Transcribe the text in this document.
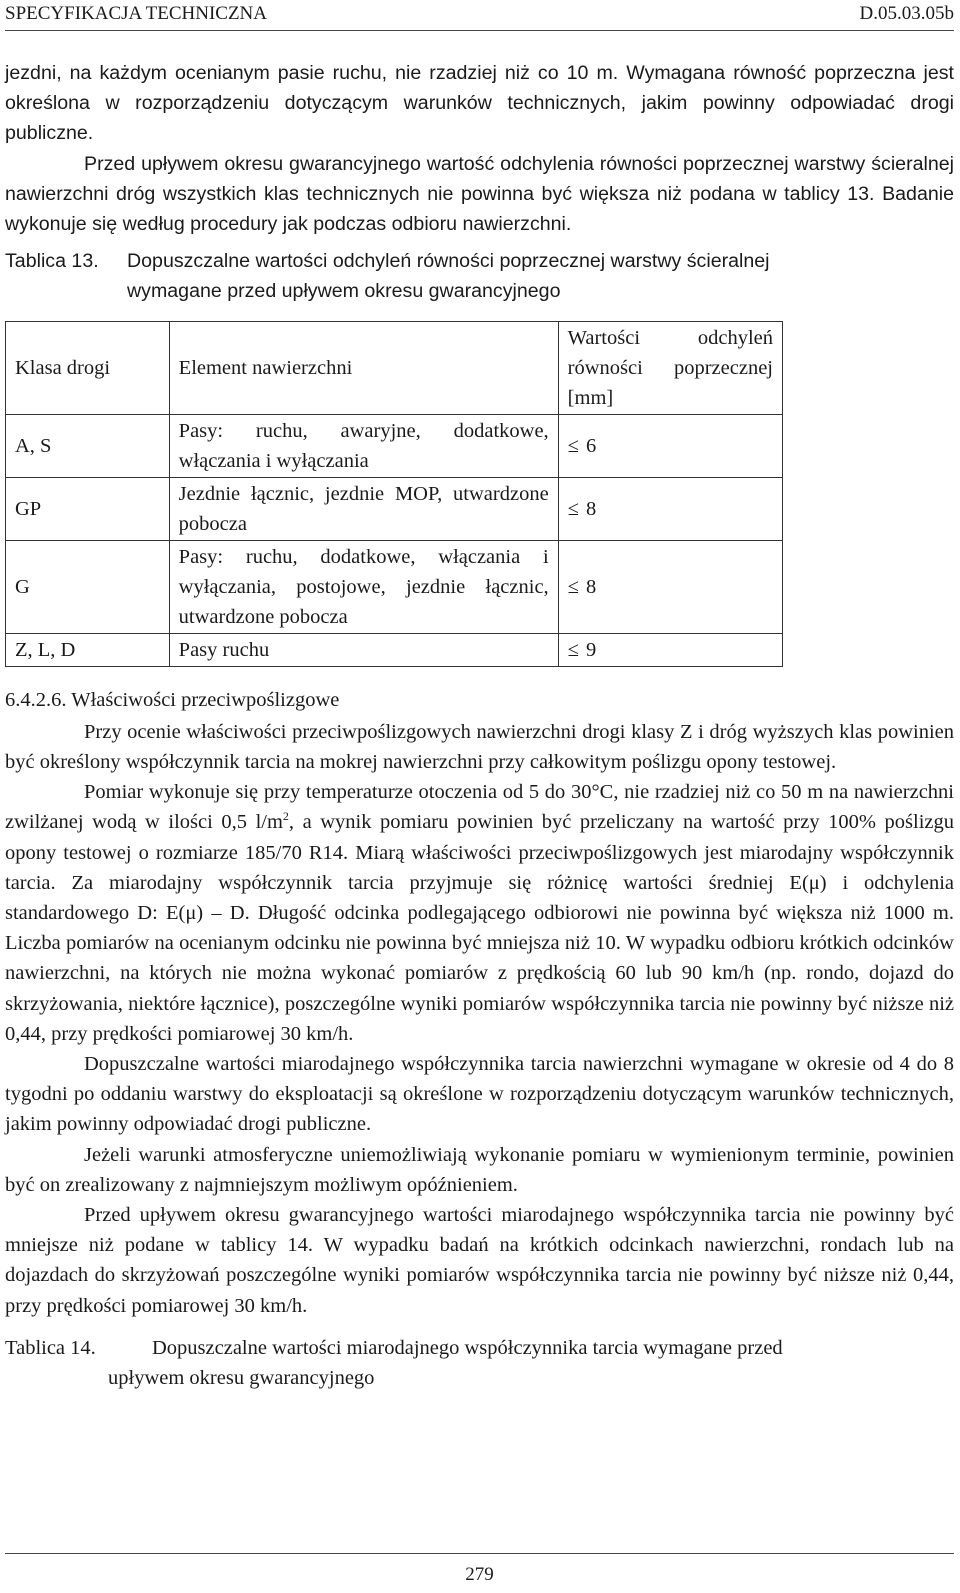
SPECYFIKACJA TECHNICZNA	D.05.03.05b

jezdni, na każdym ocenianym pasie ruchu, nie rzadziej niż co 10 m. Wymagana równość poprzeczna jest określona w rozporządzeniu dotyczącym warunków technicznych, jakim powinny odpowiadać drogi publiczne.

Przed upływem okresu gwarancyjnego wartość odchylenia równości poprzecznej warstwy ścieralnej nawierzchni dróg wszystkich klas technicznych nie powinna być większa niż podana w tablicy 13. Badanie wykonuje się według procedury jak podczas odbioru nawierzchni.

Tablica 13. Dopuszczalne wartości odchyleń równości poprzecznej warstwy ścieralnej
wymagane przed upływem okresu gwarancyjnego
Klasa drogi	Element nawierzchni	Wartości odchyleń równości poprzecznej [mm]
A, S	Pasy: ruchu, awaryjne, dodatkowe, włączania i wyłączania	≤ 6
GP	Jezdnie łącznic, jezdnie MOP, utwardzone pobocza	≤ 8
G	Pasy: ruchu, dodatkowe, włączania i wyłączania, postojowe, jezdnie łącznic, utwardzone pobocza	≤ 8
Z, L, D	Pasy ruchu	≤ 9
6.4.2.6. Właściwości przeciwpoślizgowe

Przy ocenie właściwości przeciwpoślizgowych nawierzchni drogi klasy Z i dróg wyższych klas powinien być określony współczynnik tarcia na mokrej nawierzchni przy całkowitym poślizgu opony testowej.

Pomiar wykonuje się przy temperaturze otoczenia od 5 do 30°C, nie rzadziej niż co 50 m na nawierzchni zwilżanej wodą w ilości 0,5 $l/m^2$, a wynik pomiaru powinien być przeliczany na wartość przy 100% poślizgu opony testowej o rozmiarze 185/70 R14. Miarą właściwości przeciwpoślizgowych jest miarodajny współczynnik tarcia. Za miarodajny współczynnik tarcia przyjmuje się różnicę wartości średniej E(μ) i odchylenia standardowego D: E(μ) – D. Długość odcinka podlegającego odbiorowi nie powinna być większa niż 1000 m. Liczba pomiarów na ocenianym odcinku nie powinna być mniejsza niż 10. W wypadku odbioru krótkich odcinków nawierzchni, na których nie można wykonać pomiarów z prędkością 60 lub 90 km/h (np. rondo, dojazd do skrzyżowania, niektóre łącznice), poszczególne wyniki pomiarów współczynnika tarcia nie powinny być niższe niż 0,44, przy prędkości pomiarowej 30 km/h.

Dopuszczalne wartości miarodajnego współczynnika tarcia nawierzchni wymagane w okresie od 4 do 8 tygodni po oddaniu warstwy do eksploatacji są określone w rozporządzeniu dotyczącym warunków technicznych, jakim powinny odpowiadać drogi publiczne.

Jeżeli warunki atmosferyczne uniemożliwiają wykonanie pomiaru w wymienionym terminie, powinien być on zrealizowany z najmniejszym możliwym opóźnieniem.

Przed upływem okresu gwarancyjnego wartości miarodajnego współczynnika tarcia nie powinny być mniejsze niż podane w tablicy 14. W wypadku badań na krótkich odcinkach nawierzchni, rondach lub na dojazdach do skrzyżowań poszczególne wyniki pomiarów współczynnika tarcia nie powinny być niższe niż 0,44, przy prędkości pomiarowej 30 km/h.

Tablica 14.	Dopuszczalne wartości miarodajnego współczynnika tarcia wymagane przed
upływem okresu gwarancyjnego
279
